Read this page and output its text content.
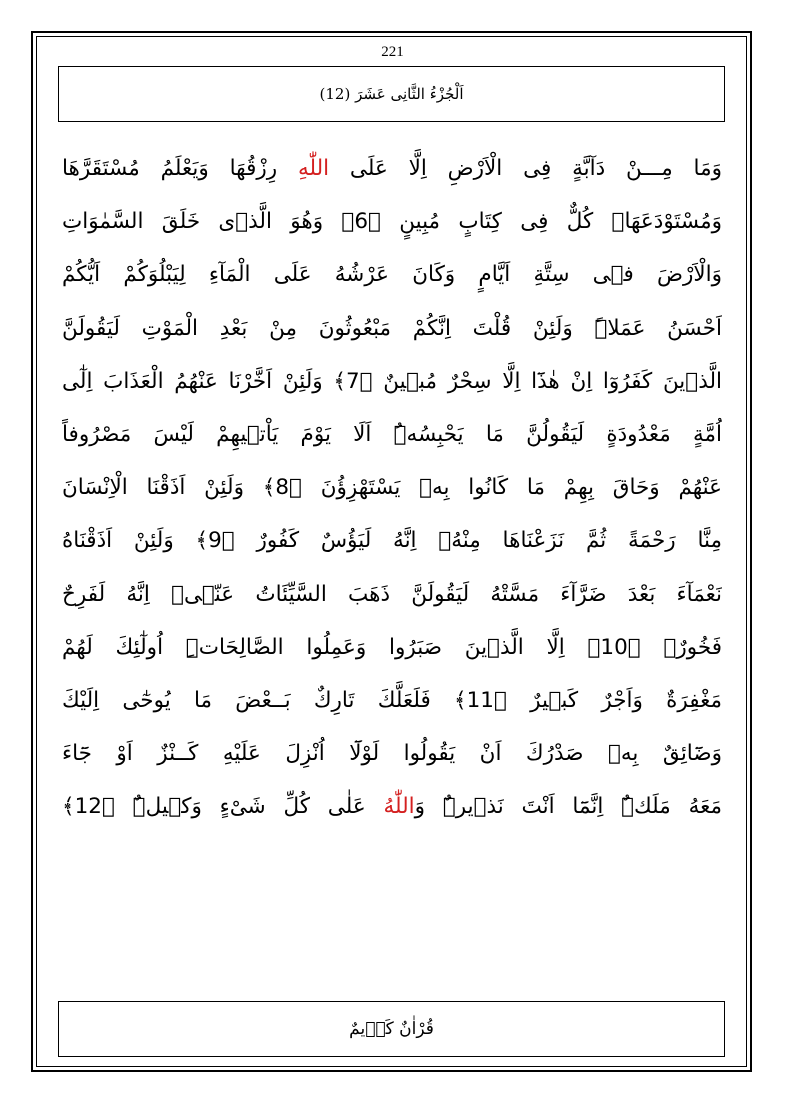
221
اَلْجُزْءُ الثَّانِى عَشَرَ (12)
وَمَا مِـــنْ دَآبَّةٍ فِى الْاَرْضِ اِلَّا عَلَى اللّٰهِ رِزْقُهَا وَيَعْلَمُ مُسْتَقَرَّهَا
وَمُسْتَوْدَعَهَا كُلٌّ فِى كِتَابٍ مُبِينٍ ﴿6﴾ وَهُوَ الَّذٖى خَلَقَ السَّمٰوَاتِ
وَالْاَرْضَ فٖى سِتَّةِ اَيَّامٍ وَكَانَ عَرْشُهُ عَلَى الْمَآءِ لِيَبْلُوَكُمْ اَيُّكُمْ
اَحْسَنُ عَمَلاً وَلَئِنْ قُلْتَ اِنَّكُمْ مَبْعُوثُونَ مِنْ بَعْدِ الْمَوْتِ لَيَقُولَنَّ
الَّذٖينَ كَفَرُوٓا اِنْ هٰذَٓا اِلَّا سِحْرٌ مُبٖينٌ ﴿7﴾ وَلَئِنْ اَخَّرْنَا عَنْهُمُ الْعَذَابَ اِلٰٓى
اُمَّةٍ مَعْدُودَةٍ لَيَقُولُنَّ مَا يَحْبِسُهُ اَلَا يَوْمَ يَاْتٖيهِمْ لَيْسَ مَصْرُوفاً
عَنْهُمْ وَحَاقَ بِهِمْ مَا كَانُوا بِهٖ يَسْتَهْزِؤُنَ ﴿8﴾ وَلَئِنْ اَذَقْنَا الْاِنْسَانَ
مِنَّا رَحْمَةً ثُمَّ نَزَعْنَاهَا مِنْهُ اِنَّهُ لَيَؤُسٌ كَفُورٌ ﴿9﴾ وَلَئِنْ اَذَقْنَاهُ
نَعْمَآءَ بَعْدَ ضَرَّآءَ مَسَّتْهُ لَيَقُولَنَّ ذَهَبَ السَّيِّئَاتُ عَنّٖى اِنَّهُ لَفَرِحٌ
فَخُورٌ ﴿10﴾ اِلَّا الَّذٖينَ صَبَرُوا وَعَمِلُوا الصَّالِحَاتِ اُولٰٓئِكَ لَهُمْ
مَغْفِرَةٌ وَاَجْرٌ كَبٖيرٌ ﴿11﴾ فَلَعَلَّكَ تَارِكٌ بَــعْضَ مَا يُوحٰٓى اِلَيْكَ
وَضَٓائِقٌ بِهٖ صَدْرُكَ اَنْ يَقُولُوا لَوْلَٓا اُنْزِلَ عَلَيْهِ كَــنْزٌ اَوْ جَٓاءَ
مَعَهُ مَلَكٌ اِنَّمَٓا اَنْتَ نَذٖيرٌ وَاللّٰهُ عَلٰى كُلِّ شَىْءٍ وَكٖيلٌ ﴿12﴾
قُرْاٰنٌ كَرٖيمٌ
